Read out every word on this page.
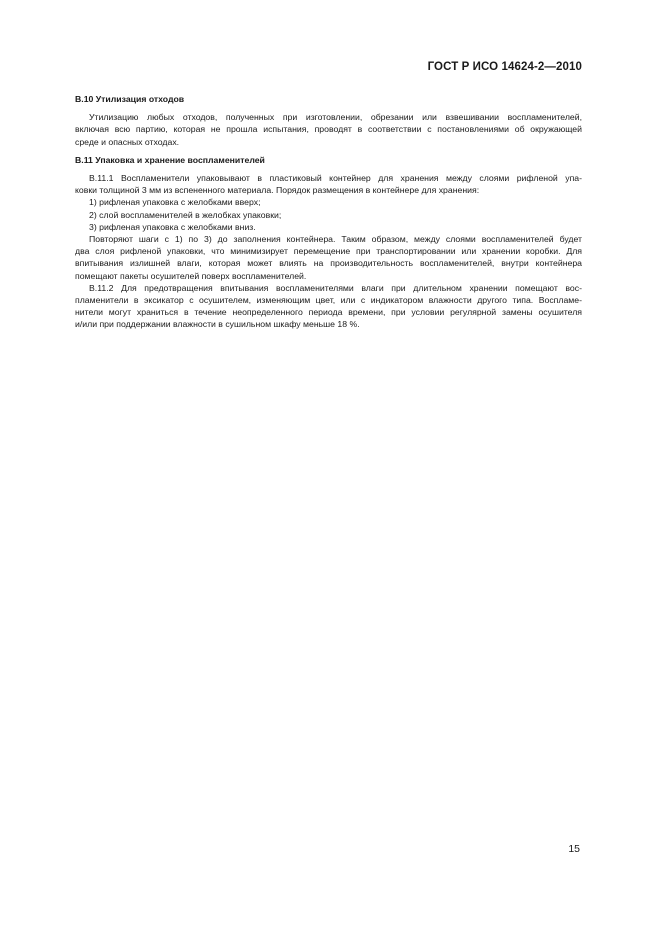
ГОСТ Р ИСО 14624-2—2010
В.10 Утилизация отходов
Утилизацию любых отходов, полученных при изготовлении, обрезании или взвешивании воспламенителей,
включая всю партию, которая не прошла испытания, проводят в соответствии с постановлениями об окружающей
среде и опасных отходах.
В.11 Упаковка и хранение воспламенителей
В.11.1 Воспламенители упаковывают в пластиковый контейнер для хранения между слоями рифленой упа-
ковки толщиной 3 мм из вспененного материала. Порядок размещения в контейнере для хранения:
1) рифленая упаковка с желобками вверх;
2) слой воспламенителей в желобках упаковки;
3) рифленая упаковка с желобками вниз.
Повторяют шаги с 1) по 3) до заполнения контейнера. Таким образом, между слоями воспламенителей будет
два слоя рифленой упаковки, что минимизирует перемещение при транспортировании или хранении коробки. Для
впитывания излишней влаги, которая может влиять на производительность воспламенителей, внутри контейнера
помещают пакеты осушителей поверх воспламенителей.
В.11.2 Для предотвращения впитывания воспламенителями влаги при длительном хранении помещают вос-
пламенители в эксикатор с осушителем, изменяющим цвет, или с индикатором влажности другого типа. Воспламе-
нители могут храниться в течение неопределенного периода времени, при условии регулярной замены осушителя
и/или при поддержании влажности в сушильном шкафу меньше 18 %.
15
